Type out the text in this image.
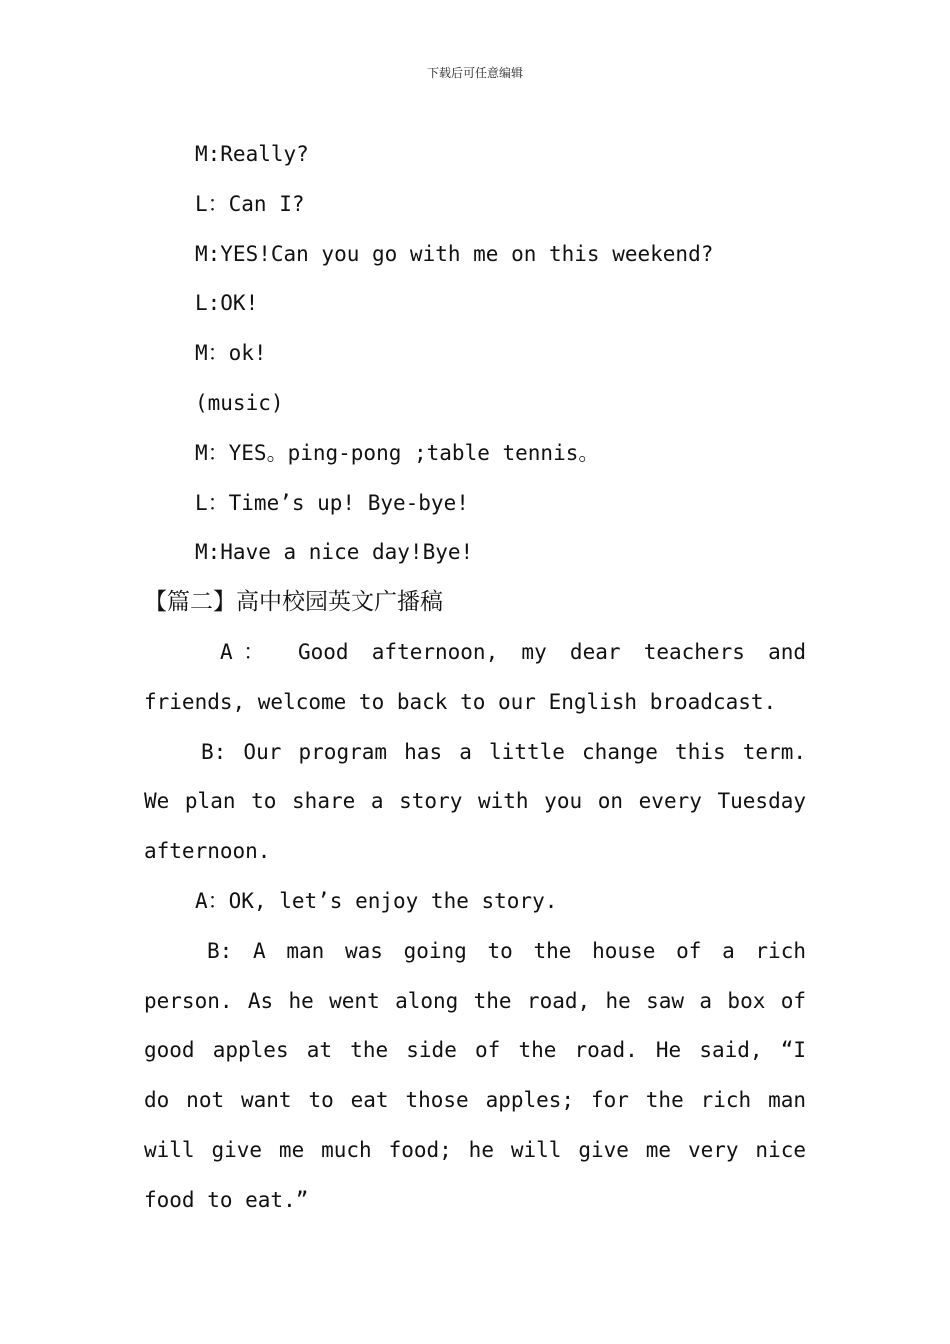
下载后可任意编辑
M:Really?
L：Can I?
M:YES!Can you go with me on this weekend?
L:OK!
M：ok!
(music)
M：YES。ping-pong ;table tennis。
L：Time’s up! Bye-bye!
M:Have a nice day!Bye!
【篇二】高中校园英文广播稿
A： Good afternoon, my dear teachers and
friends, welcome to back to our English broadcast.
B: Our program has a little change this term.
We plan to share a story with you on every Tuesday
afternoon.
A：OK, let’s enjoy the story.
B: A man was going to the house of a rich
person. As he went along the road, he saw a box of
good apples at the side of the road. He said, “I
do not want to eat those apples; for the rich man
will give me much food; he will give me very nice
food to eat.”
